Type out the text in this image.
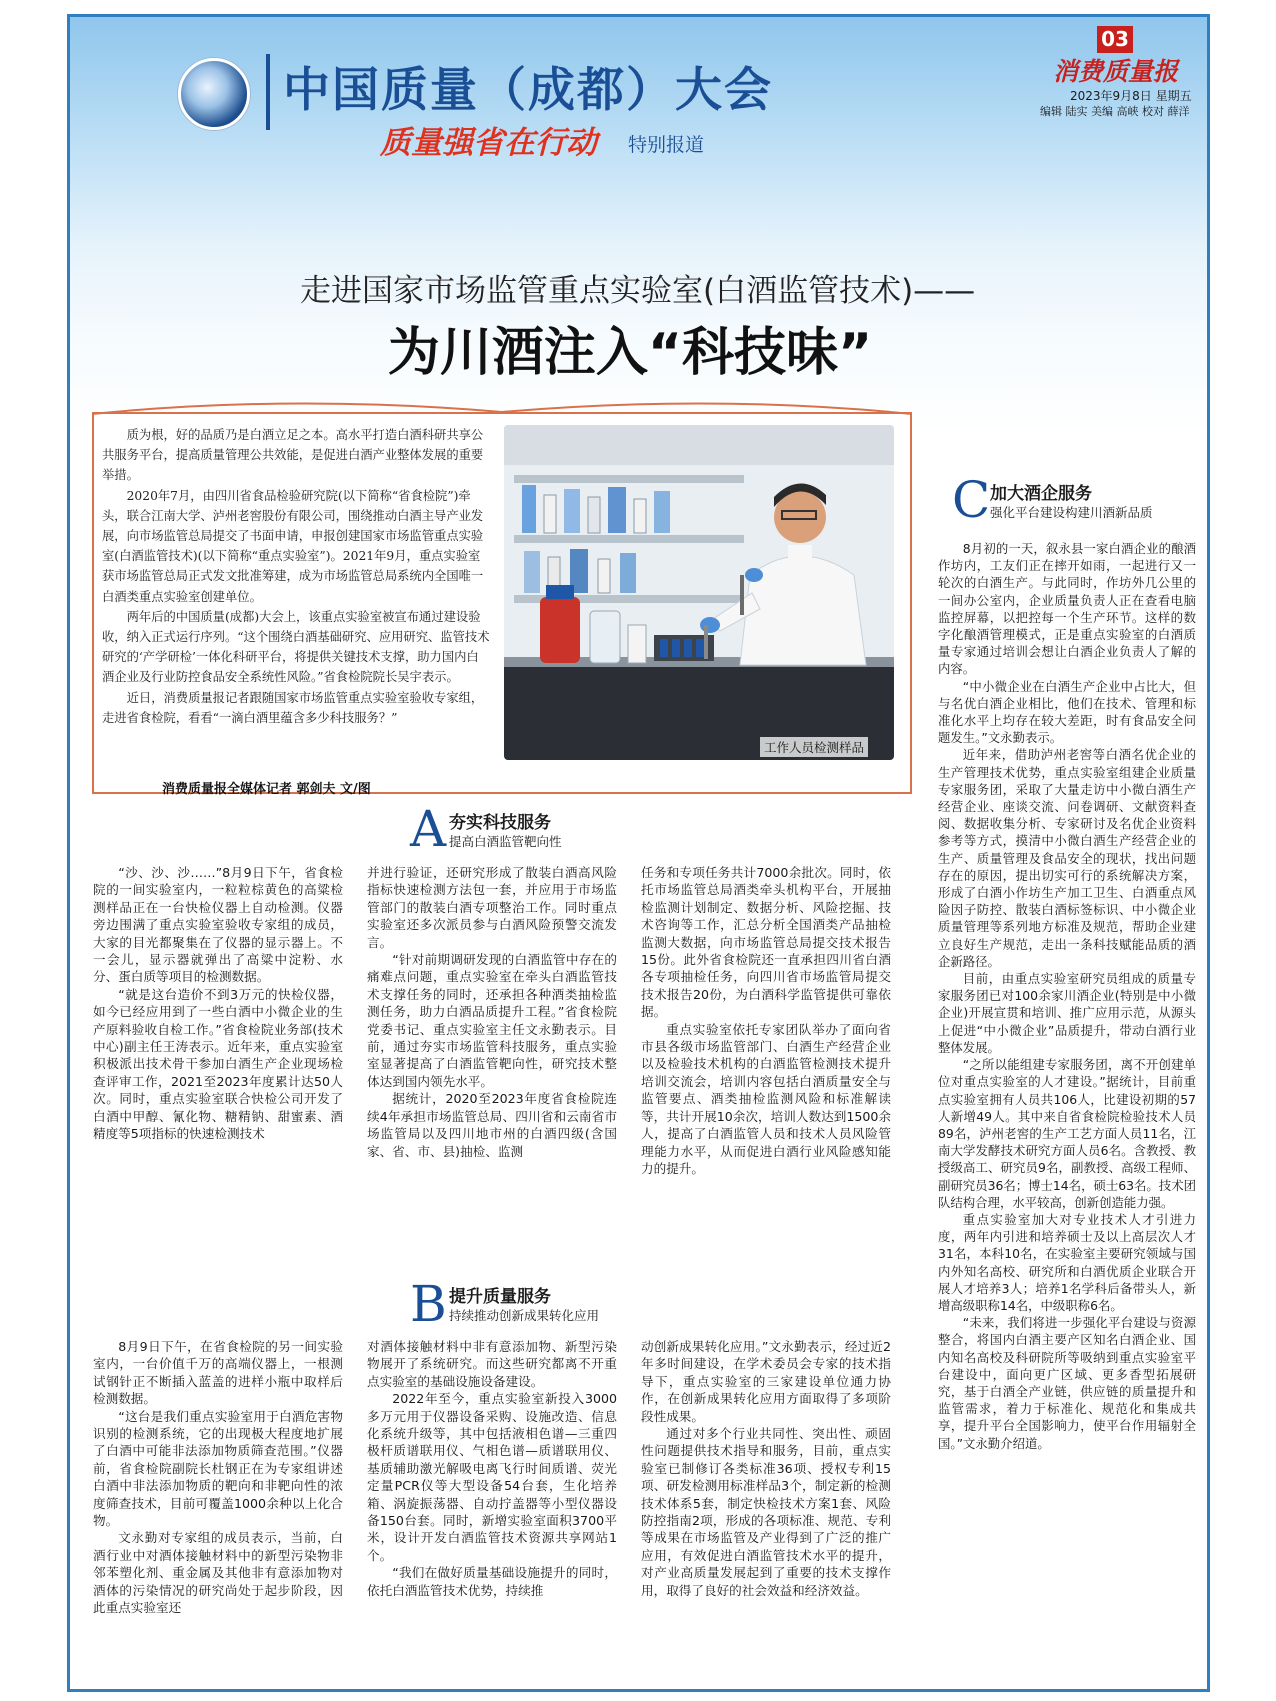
中国质量（成都）大会
质量强省在行动 特别报道
03
消费质量报
2023年9月8日 星期五
编辑 陆实 美编 高峡 校对 薛洋
走进国家市场监管重点实验室(白酒监管技术)——
为川酒注入“科技味”

质为根，好的品质乃是白酒立足之本。高水平打造白酒科研共享公共服务平台，提高质量管理公共效能，是促进白酒产业整体发展的重要举措。

2020年7月，由四川省食品检验研究院(以下简称“省食检院”)牵头，联合江南大学、泸州老窖股份有限公司，围绕推动白酒主导产业发展，向市场监管总局提交了书面申请，申报创建国家市场监管重点实验室(白酒监管技术)(以下简称“重点实验室”)。2021年9月，重点实验室获市场监管总局正式发文批准筹建，成为市场监管总局系统内全国唯一白酒类重点实验室创建单位。

两年后的中国质量(成都)大会上，该重点实验室被宣布通过建设验收，纳入正式运行序列。“这个围绕白酒基础研究、应用研究、监管技术研究的‘产学研检’一体化科研平台，将提供关键技术支撑，助力国内白酒企业及行业防控食品安全系统性风险。”省食检院院长吴宇表示。

近日，消费质量报记者跟随国家市场监管重点实验室验收专家组，走进省食检院，看看“一滴白酒里蕴含多少科技服务？”

工作人员检测样品
消费质量报全媒体记者 郭剑夫 文/图
A 夯实科技服务
提高白酒监管靶向性

“沙、沙、沙……”8月9日下午，省食检院的一间实验室内，一粒粒棕黄色的高粱检测样品正在一台快检仪器上自动检测。仪器旁边围满了重点实验室验收专家组的成员，大家的目光都聚集在了仪器的显示器上。不一会儿，显示器就弹出了高粱中淀粉、水分、蛋白质等项目的检测数据。

“就是这台造价不到3万元的快检仪器，如今已经应用到了一些白酒中小微企业的生产原料验收自检工作。”省食检院业务部(技术中心)副主任王涛表示。近年来，重点实验室积极派出技术骨干参加白酒生产企业现场检查评审工作，2021至2023年度累计达50人次。同时，重点实验室联合快检公司开发了白酒中甲醇、氰化物、糖精钠、甜蜜素、酒精度等5项指标的快速检测技术

并进行验证，还研究形成了散装白酒高风险指标快速检测方法包一套，并应用于市场监管部门的散装白酒专项整治工作。同时重点实验室还多次派员参与白酒风险预警交流发言。

“针对前期调研发现的白酒监管中存在的痛难点问题，重点实验室在牵头白酒监管技术支撑任务的同时，还承担各种酒类抽检监测任务，助力白酒品质提升工程。”省食检院党委书记、重点实验室主任文永勤表示。目前，通过夯实市场监管科技服务，重点实验室显著提高了白酒监管靶向性，研究技术整体达到国内领先水平。

据统计，2020至2023年度省食检院连续4年承担市场监管总局、四川省和云南省市场监管局以及四川地市州的白酒四级(含国家、省、市、县)抽检、监测

任务和专项任务共计7000余批次。同时，依托市场监管总局酒类牵头机构平台，开展抽检监测计划制定、数据分析、风险挖掘、技术咨询等工作，汇总分析全国酒类产品抽检监测大数据，向市场监管总局提交技术报告15份。此外省食检院还一直承担四川省白酒各专项抽检任务，向四川省市场监管局提交技术报告20份，为白酒科学监管提供可靠依据。

重点实验室依托专家团队举办了面向省市县各级市场监管部门、白酒生产经营企业以及检验技术机构的白酒监管检测技术提升培训交流会，培训内容包括白酒质量安全与监管要点、酒类抽检监测风险和标准解读等，共计开展10余次，培训人数达到1500余人，提高了白酒监管人员和技术人员风险管理能力水平，从而促进白酒行业风险感知能力的提升。

B 提升质量服务
持续推动创新成果转化应用

8月9日下午，在省食检院的另一间实验室内，一台价值千万的高端仪器上，一根测试钢针正不断插入蓝盖的进样小瓶中取样后检测数据。

“这台是我们重点实验室用于白酒危害物识别的检测系统，它的出现极大程度地扩展了白酒中可能非法添加物质筛查范围。”仪器前，省食检院副院长杜钢正在为专家组讲述白酒中非法添加物质的靶向和非靶向性的浓度筛查技术，目前可覆盖1000余种以上化合物。

文永勤对专家组的成员表示，当前，白酒行业中对酒体接触材料中的新型污染物非邻苯塑化剂、重金属及其他非有意添加物对酒体的污染情况的研究尚处于起步阶段，因此重点实验室还

对酒体接触材料中非有意添加物、新型污染物展开了系统研究。而这些研究都离不开重点实验室的基础设施设备建设。

2022年至今，重点实验室新投入3000多万元用于仪器设备采购、设施改造、信息化系统升级等，其中包括液相色谱—三重四极杆质谱联用仪、气相色谱—质谱联用仪、基质辅助激光解吸电离飞行时间质谱、荧光定量PCR仪等大型设备54台套，生化培养箱、涡旋振荡器、自动拧盖器等小型仪器设备150台套。同时，新增实验室面积3700平米，设计开发白酒监管技术资源共享网站1个。

“我们在做好质量基础设施提升的同时，依托白酒监管技术优势，持续推

动创新成果转化应用。”文永勤表示，经过近2年多时间建设，在学术委员会专家的技术指导下，重点实验室的三家建设单位通力协作，在创新成果转化应用方面取得了多项阶段性成果。

通过对多个行业共同性、突出性、顽固性问题提供技术指导和服务，目前，重点实验室已制修订各类标准36项、授权专利15项、研发检测用标准样品3个，制定新的检测技术体系5套，制定快检技术方案1套、风险防控指南2项，形成的各项标准、规范、专利等成果在市场监管及产业得到了广泛的推广应用，有效促进白酒监管技术水平的提升，对产业高质量发展起到了重要的技术支撑作用，取得了良好的社会效益和经济效益。

C 加大酒企服务
强化平台建设构建川酒新品质

8月初的一天，叙永县一家白酒企业的酿酒作坊内，工友们正在摔开如雨，一起进行又一轮次的白酒生产。与此同时，作坊外几公里的一间办公室内，企业质量负责人正在查看电脑监控屏幕，以把控每一个生产环节。这样的数字化酿酒管理模式，正是重点实验室的白酒质量专家通过培训会想让白酒企业负责人了解的内容。

“中小微企业在白酒生产企业中占比大，但与名优白酒企业相比，他们在技术、管理和标准化水平上均存在较大差距，时有食品安全问题发生。”文永勤表示。

近年来，借助泸州老窖等白酒名优企业的生产管理技术优势，重点实验室组建企业质量专家服务团，采取了大量走访中小微白酒生产经营企业、座谈交流、问卷调研、文献资料查阅、数据收集分析、专家研讨及名优企业资料参考等方式，摸清中小微白酒生产经营企业的生产、质量管理及食品安全的现状，找出问题存在的原因，提出切实可行的系统解决方案，形成了白酒小作坊生产加工卫生、白酒重点风险因子防控、散装白酒标签标识、中小微企业质量管理等系列地方标准及规范，帮助企业建立良好生产规范，走出一条科技赋能品质的酒企新路径。

目前，由重点实验室研究员组成的质量专家服务团已对100余家川酒企业(特别是中小微企业)开展宣贯和培训、推广应用示范，从源头上促进“中小微企业”品质提升，带动白酒行业整体发展。

“之所以能组建专家服务团，离不开创建单位对重点实验室的人才建设。”据统计，目前重点实验室拥有人员共106人，比建设初期的57人新增49人。其中来自省食检院检验技术人员89名，泸州老窖的生产工艺方面人员11名，江南大学发酵技术研究方面人员6名。含教授、教授级高工、研究员9名，副教授、高级工程师、副研究员36名；博士14名，硕士63名。技术团队结构合理，水平较高，创新创造能力强。

重点实验室加大对专业技术人才引进力度，两年内引进和培养硕士及以上高层次人才31名，本科10名，在实验室主要研究领域与国内外知名高校、研究所和白酒优质企业联合开展人才培养3人；培养1名学科后备带头人，新增高级职称14名，中级职称6名。

“未来，我们将进一步强化平台建设与资源整合，将国内白酒主要产区知名白酒企业、国内知名高校及科研院所等吸纳到重点实验室平台建设中，面向更广区域、更多香型拓展研究，基于白酒全产业链，供应链的质量提升和监管需求，着力于标准化、规范化和集成共享，提升平台全国影响力，使平台作用辐射全国。”文永勤介绍道。
